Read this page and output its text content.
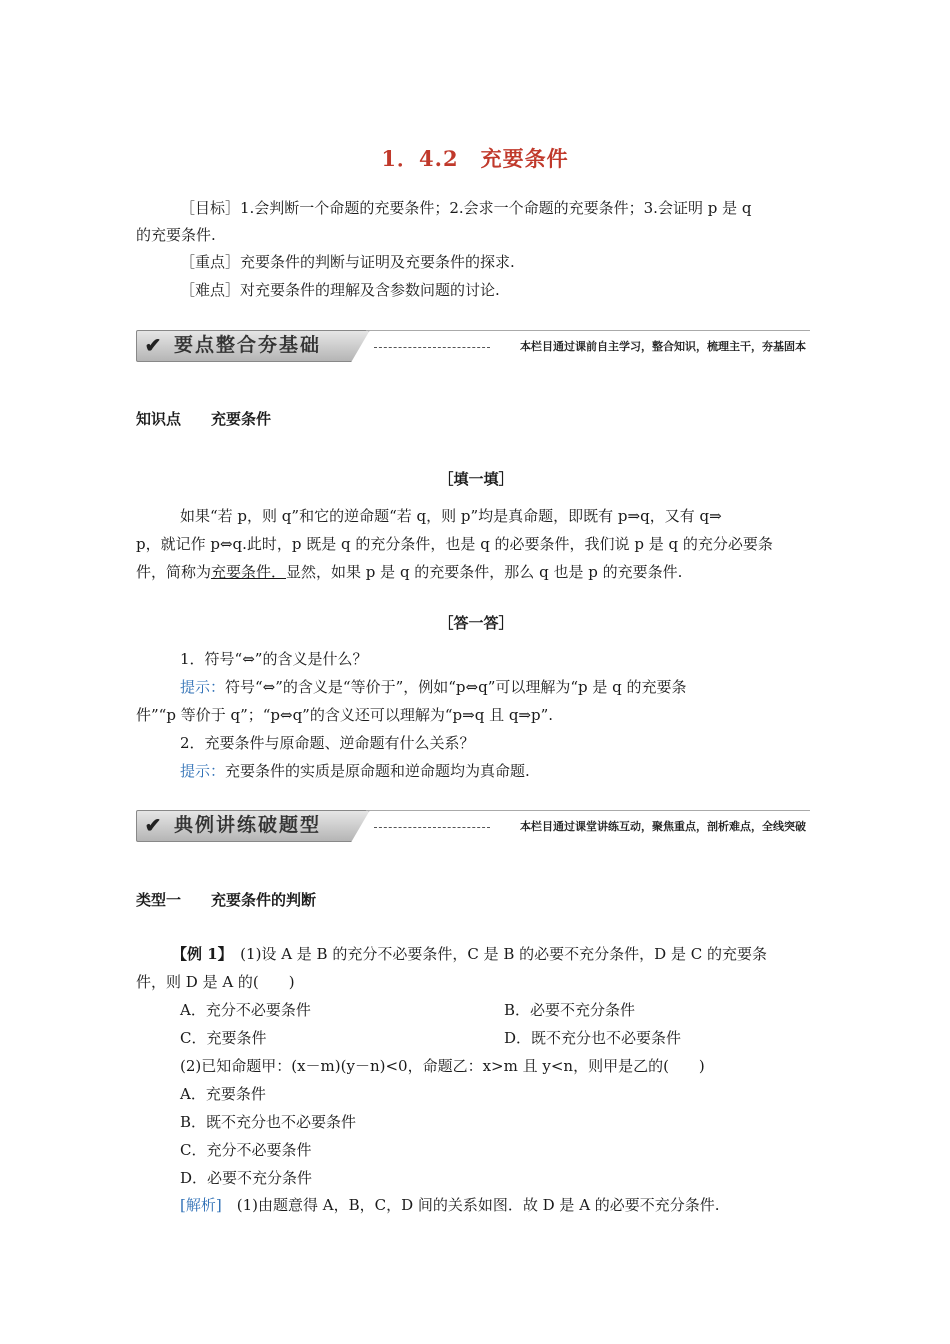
1．4.2　充要条件
［目标］1.会判断一个命题的充要条件；2.会求一个命题的充要条件；3.会证明 p 是 q
的充要条件.
［重点］充要条件的判断与证明及充要条件的探求.
［难点］对充要条件的理解及含参数问题的讨论.
✔ 要点整合夯基础	本栏目通过课前自主学习，整合知识，梳理主干，夯基固本
知识点　　充要条件
［填一填］
如果“若 p，则 q”和它的逆命题“若 q，则 p”均是真命题，即既有 p⇒q，又有 q⇒
p，就记作 p⇔q.此时，p 既是 q 的充分条件，也是 q 的必要条件，我们说 p 是 q 的充分必要条
件，简称为充要条件．显然，如果 p 是 q 的充要条件，那么 q 也是 p 的充要条件.
［答一答］
1．符号“⇔”的含义是什么？
提示：符号“⇔”的含义是“等价于”，例如“p⇔q”可以理解为“p 是 q 的充要条
件”“p 等价于 q”；“p⇔q”的含义还可以理解为“p⇒q 且 q⇒p”.
2．充要条件与原命题、逆命题有什么关系？
提示：充要条件的实质是原命题和逆命题均为真命题.
✔ 典例讲练破题型	本栏目通过课堂讲练互动，聚焦重点，剖析难点，全线突破
类型一　　充要条件的判断
【例 1】　(1)设 A 是 B 的充分不必要条件，C 是 B 的必要不充分条件，D 是 C 的充要条
件，则 D 是 A 的(　　)
A．充分不必要条件	B．必要不充分条件
C．充要条件	D．既不充分也不必要条件
(2)已知命题甲：(x－m)(y－n)<0，命题乙：x>m 且 y<n，则甲是乙的(　　)
A．充要条件
B．既不充分也不必要条件
C．充分不必要条件
D．必要不充分条件
[解析]　(1)由题意得 A，B，C，D 间的关系如图．故 D 是 A 的必要不充分条件.
